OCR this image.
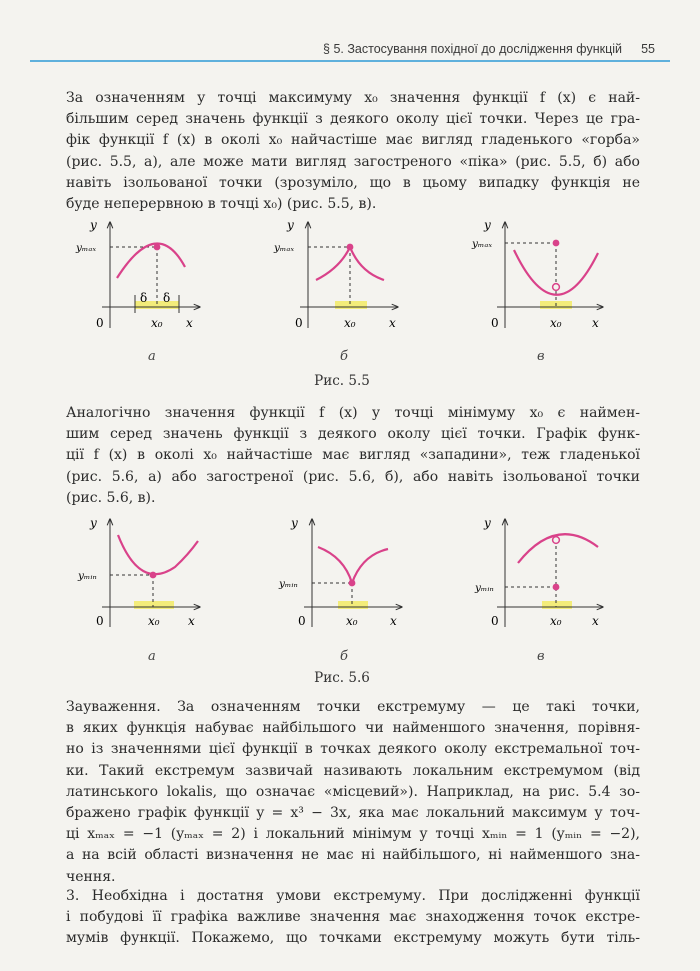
§ 5. Застосування похідної до дослідження функцій 55
За означенням у точці максимуму x₀ значення функції f (x) є най-
більшим серед значень функції з деякого околу цієї точки. Через це гра-
фік функції f (x) в околі x₀ найчастіше має вигляд гладенького «горба»
(рис. 5.5, а), але може мати вигляд загостреного «піка» (рис. 5.5, б) або
навіть ізольованої точки (зрозуміло, що в цьому випадку функція не
буде неперервною в точці x₀) (рис. 5.5, в).
y
yₘₐₓ
δ δ
0	x₀ x
y
yₘₐₓ
0	x₀	x
y
yₘₐₓ
0	x₀	x
а	б	в
Рис. 5.5
Аналогічно значення функції f (x) у точці мінімуму x₀ є наймен-
шим серед значень функції з деякого околу цієї точки. Графік функ-
ції f (x) в околі x₀ найчастіше має вигляд «западини», теж гладенької
(рис. 5.6, а) або загостреної (рис. 5.6, б), або навіть ізольованої точки
(рис. 5.6, в).
y
yₘᵢₙ
0	x₀ x
y
yₘᵢₙ
0	x₀	x
y
yₘᵢₙ
0	x₀	x
а	б	в
Рис. 5.6
Зауваження. За означенням точки екстремуму — це такі точки,
в яких функція набуває найбільшого чи найменшого значення, порівня-
но із значеннями цієї функції в точках деякого околу екстремальної точ-
ки. Такий екстремум зазвичай називають локальним екстремумом (від
латинського lokalis, що означає «місцевий»). Наприклад, на рис. 5.4 зо-
бражено графік функції y = x³ − 3x, яка має локальний максимум у точ-
ці xₘₐₓ = −1 (yₘₐₓ = 2) і локальний мінімум у точці xₘᵢₙ = 1 (yₘᵢₙ = −2),
а на всій області визначення не має ні найбільшого, ні найменшого зна-
чення.
3. Необхідна і достатня умови екстремуму. При дослідженні функції
і побудові її графіка важливе значення має знаходження точок екстре-
мумів функції. Покажемо, що точками екстремуму можуть бути тіль-
